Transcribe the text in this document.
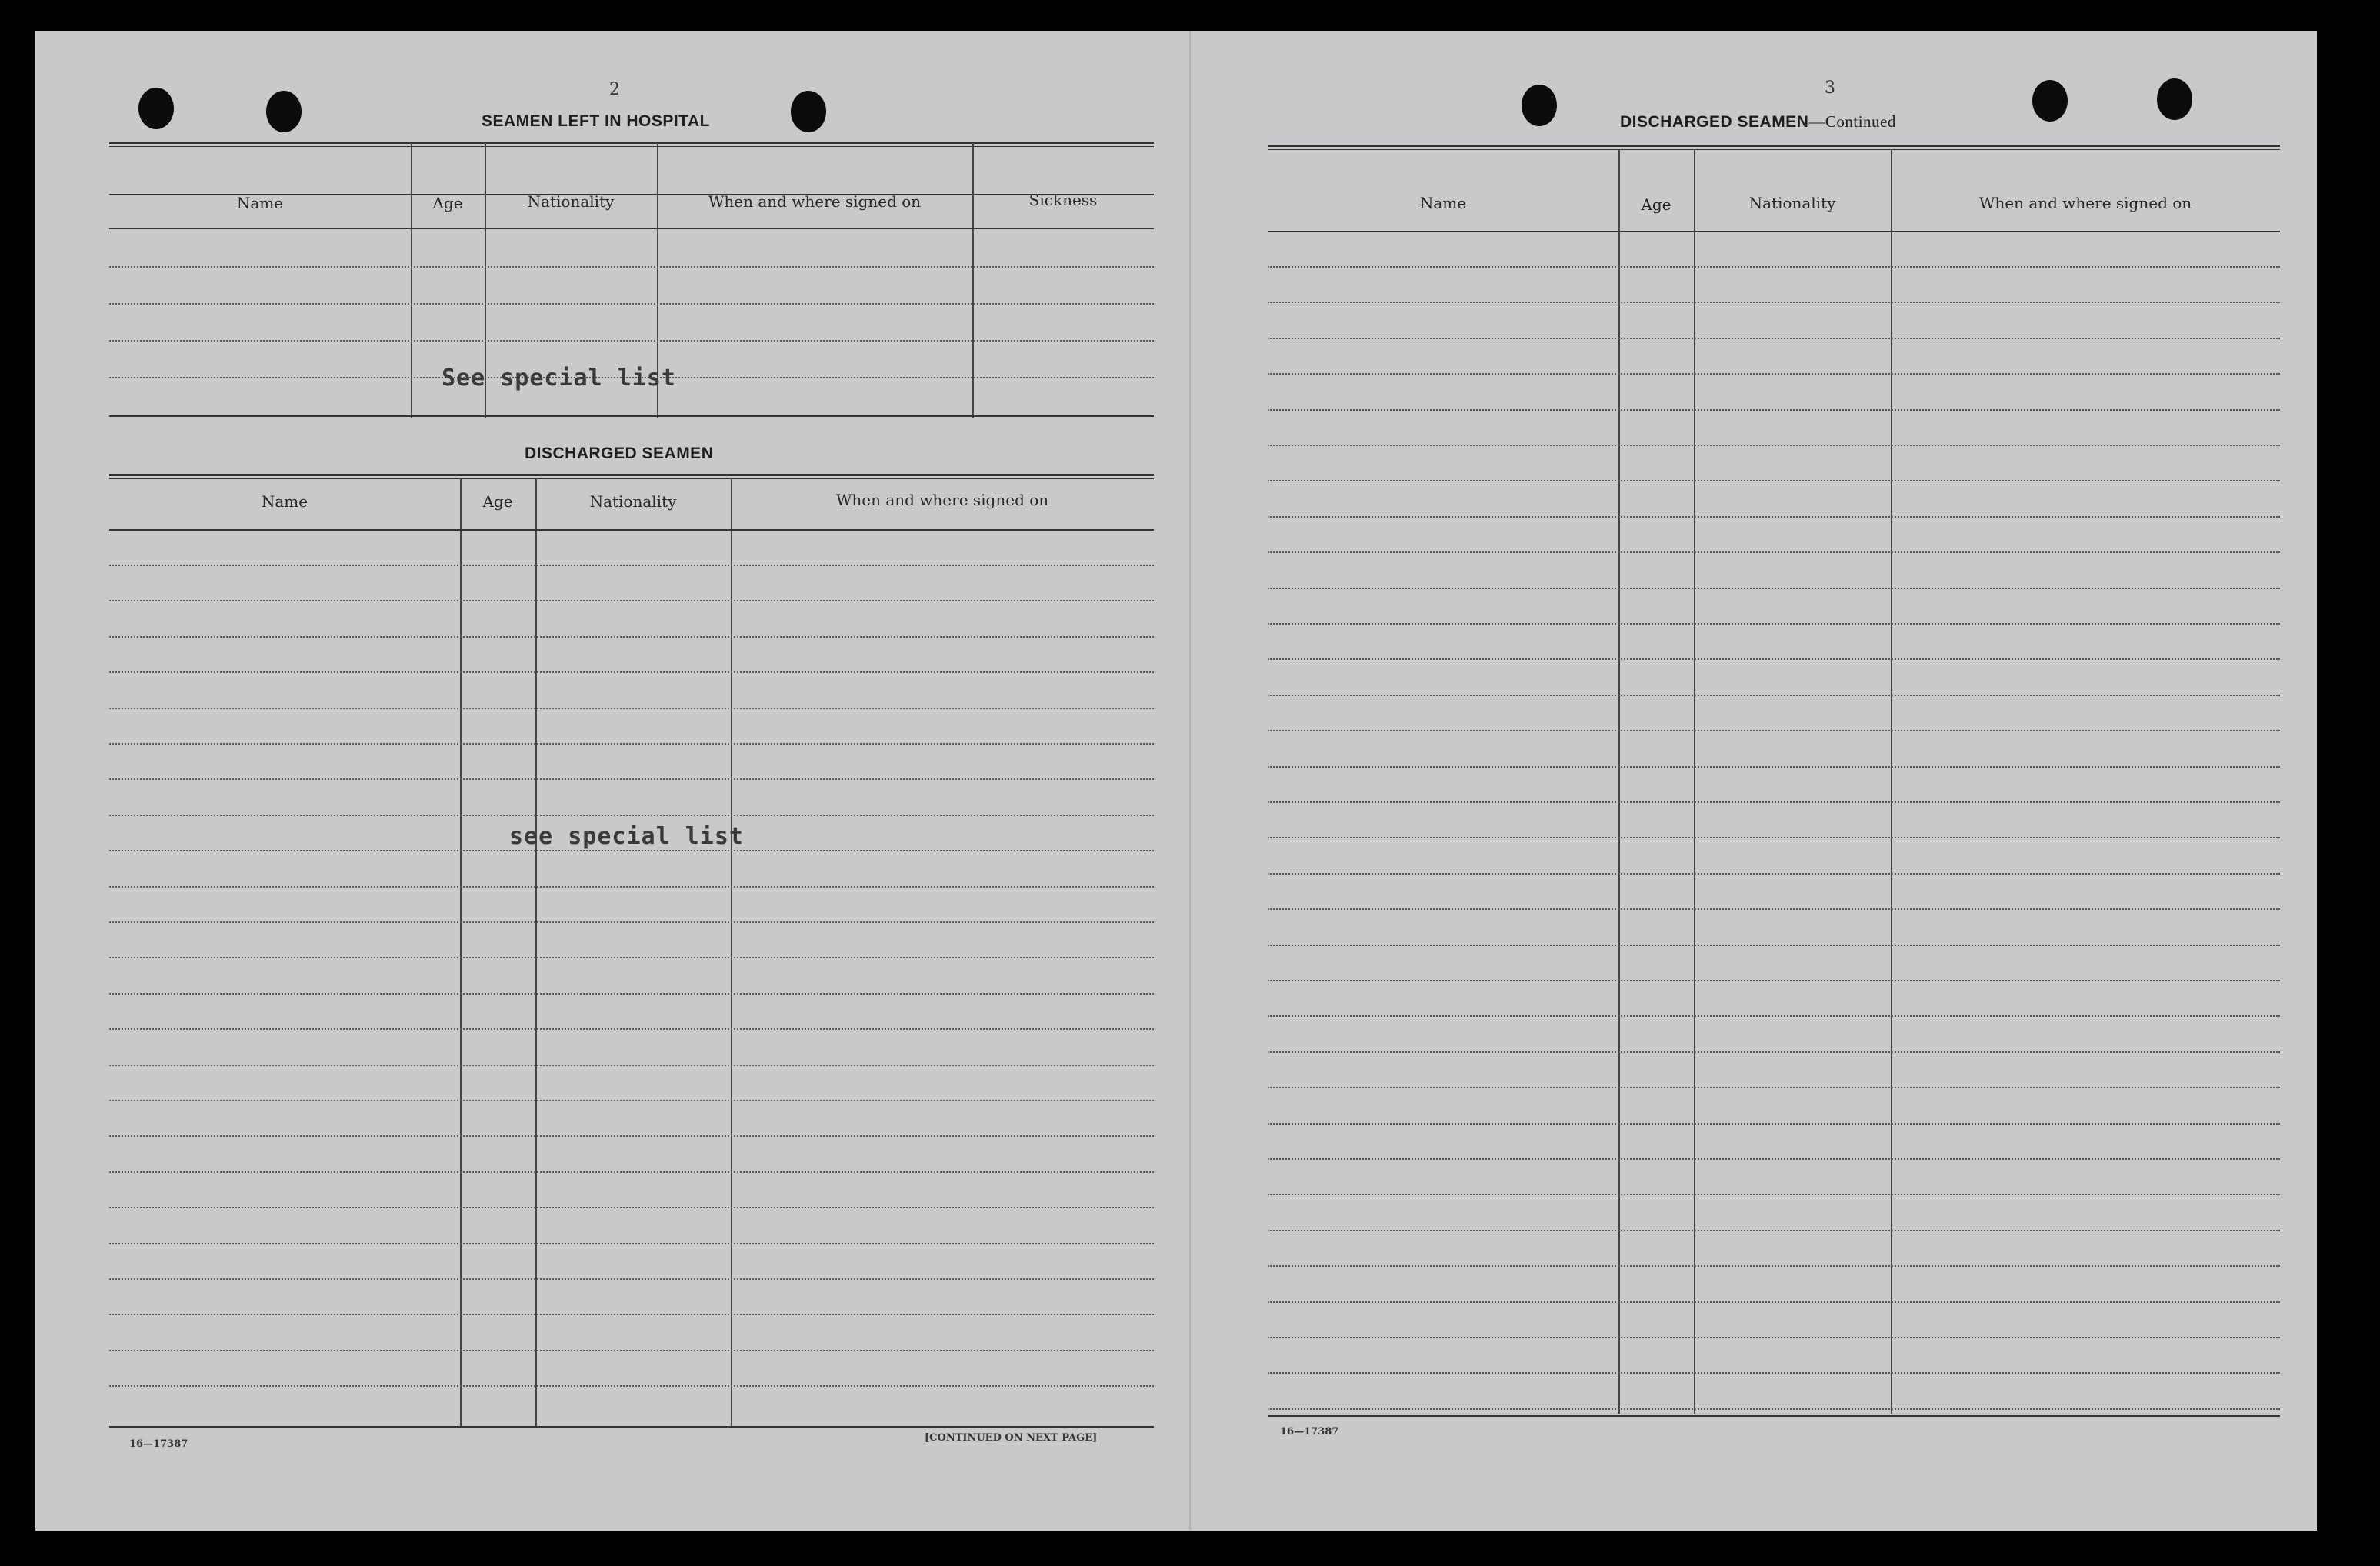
2
SEAMEN LEFT IN HOSPITAL
Name	Age	Nationality	When and where signed on	Sickness
See special list
DISCHARGED SEAMEN
Name	Age	Nationality	When and where signed on
see special list
16—17387
[CONTINUED ON NEXT PAGE]
3
DISCHARGED SEAMEN—Continued
Name	Age	Nationality	When and where signed on
16—17387
